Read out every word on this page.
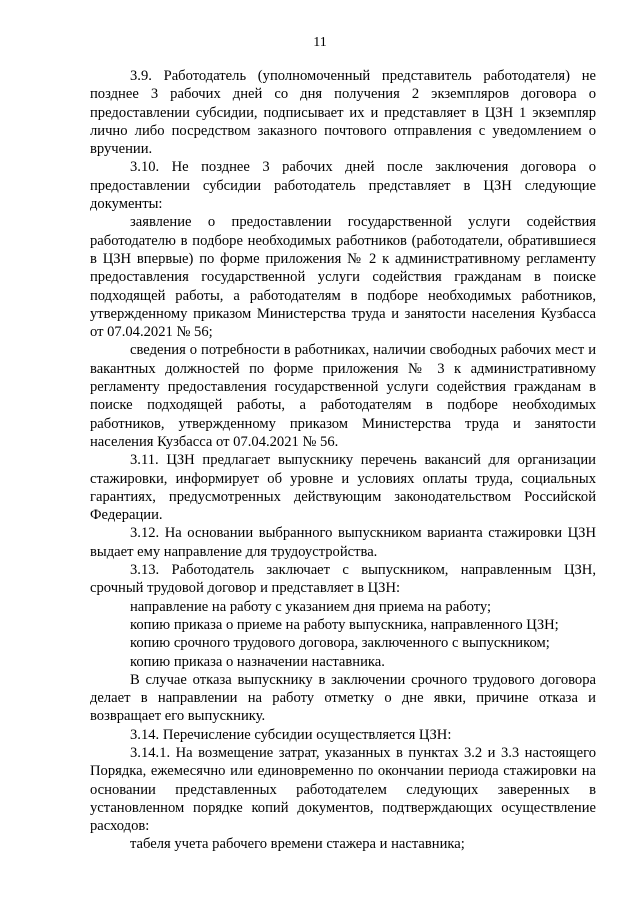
11

3.9. Работодатель (уполномоченный представитель работодателя) не позднее 3 рабочих дней со дня получения 2 экземпляров договора о предоставлении субсидии, подписывает их и представляет в ЦЗН 1 экземпляр лично либо посредством заказного почтового отправления с уведомлением о вручении.

3.10. Не позднее 3 рабочих дней после заключения договора о предоставлении субсидии работодатель представляет в ЦЗН следующие документы:

заявление о предоставлении государственной услуги содействия работодателю в подборе необходимых работников (работодатели, обратившиеся в ЦЗН впервые) по форме приложения № 2 к административному регламенту предоставления государственной услуги содействия гражданам в поиске подходящей работы, а работодателям в подборе необходимых работников, утвержденному приказом Министерства труда и занятости населения Кузбасса от 07.04.2021 № 56;

сведения о потребности в работниках, наличии свободных рабочих мест и вакантных должностей по форме приложения № 3 к административному регламенту предоставления государственной услуги содействия гражданам в поиске подходящей работы, а работодателям в подборе необходимых работников, утвержденному приказом Министерства труда и занятости населения Кузбасса от 07.04.2021 № 56.

3.11. ЦЗН предлагает выпускнику перечень вакансий для организации стажировки, информирует об уровне и условиях оплаты труда, социальных гарантиях, предусмотренных действующим законодательством Российской Федерации.

3.12. На основании выбранного выпускником варианта стажировки ЦЗН выдает ему направление для трудоустройства.

3.13. Работодатель заключает с выпускником, направленным ЦЗН, срочный трудовой договор и представляет в ЦЗН:

направление на работу с указанием дня приема на работу;

копию приказа о приеме на работу выпускника, направленного ЦЗН;

копию срочного трудового договора, заключенного с выпускником;

копию приказа о назначении наставника.

В случае отказа выпускнику в заключении срочного трудового договора делает в направлении на работу отметку о дне явки, причине отказа и возвращает его выпускнику.

3.14. Перечисление субсидии осуществляется ЦЗН:

3.14.1. На возмещение затрат, указанных в пунктах 3.2 и 3.3 настоящего Порядка, ежемесячно или единовременно по окончании периода стажировки на основании представленных работодателем следующих заверенных в установленном порядке копий документов, подтверждающих осуществление расходов:

табеля учета рабочего времени стажера и наставника;
